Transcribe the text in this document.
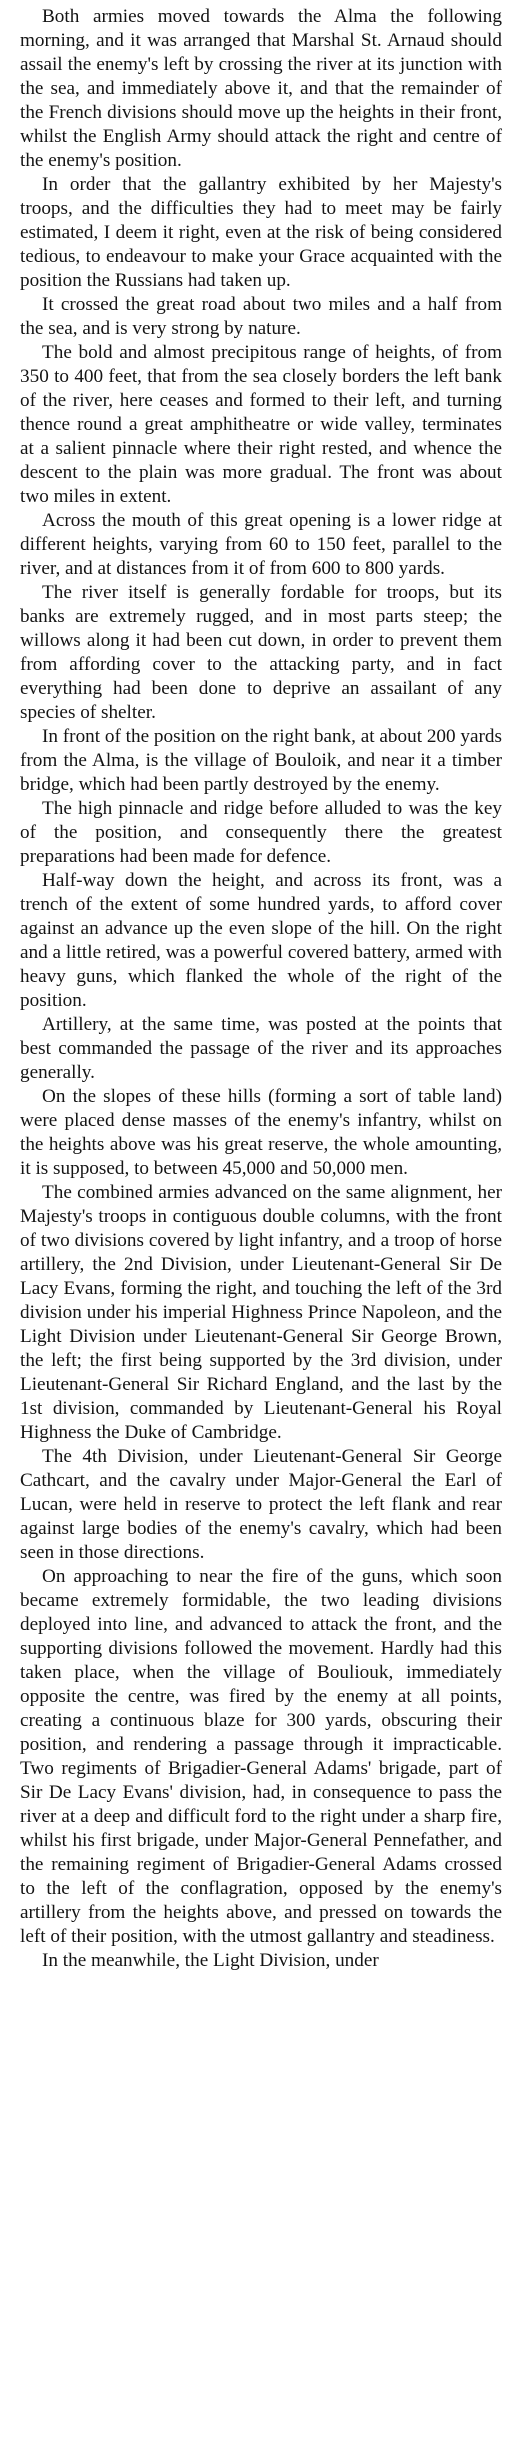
Both armies moved towards the Alma the following morning, and it was arranged that Marshal St. Arnaud should assail the enemy's left by crossing the river at its junction with the sea, and immediately above it, and that the remainder of the French divisions should move up the heights in their front, whilst the English Army should attack the right and centre of the enemy's position.

In order that the gallantry exhibited by her Majesty's troops, and the difficulties they had to meet may be fairly estimated, I deem it right, even at the risk of being considered tedious, to endeavour to make your Grace acquainted with the position the Russians had taken up.

It crossed the great road about two miles and a half from the sea, and is very strong by nature.

The bold and almost precipitous range of heights, of from 350 to 400 feet, that from the sea closely borders the left bank of the river, here ceases and formed to their left, and turning thence round a great amphitheatre or wide valley, terminates at a salient pinnacle where their right rested, and whence the descent to the plain was more gradual. The front was about two miles in extent.

Across the mouth of this great opening is a lower ridge at different heights, varying from 60 to 150 feet, parallel to the river, and at distances from it of from 600 to 800 yards.

The river itself is generally fordable for troops, but its banks are extremely rugged, and in most parts steep; the willows along it had been cut down, in order to prevent them from affording cover to the attacking party, and in fact everything had been done to deprive an assailant of any species of shelter.

In front of the position on the right bank, at about 200 yards from the Alma, is the village of Bouloik, and near it a timber bridge, which had been partly destroyed by the enemy.

The high pinnacle and ridge before alluded to was the key of the position, and consequently there the greatest preparations had been made for defence.

Half-way down the height, and across its front, was a trench of the extent of some hundred yards, to afford cover against an advance up the even slope of the hill. On the right and a little retired, was a powerful covered battery, armed with heavy guns, which flanked the whole of the right of the position.

Artillery, at the same time, was posted at the points that best commanded the passage of the river and its approaches generally.

On the slopes of these hills (forming a sort of table land) were placed dense masses of the enemy's infantry, whilst on the heights above was his great reserve, the whole amounting, it is supposed, to between 45,000 and 50,000 men.

The combined armies advanced on the same alignment, her Majesty's troops in contiguous double columns, with the front of two divisions covered by light infantry, and a troop of horse artillery, the 2nd Division, under Lieutenant-General Sir De Lacy Evans, forming the right, and touching the left of the 3rd division under his imperial Highness Prince Napoleon, and the Light Division under Lieutenant-General Sir George Brown, the left; the first being supported by the 3rd division, under Lieutenant-General Sir Richard England, and the last by the 1st division, commanded by Lieutenant-General his Royal Highness the Duke of Cambridge.

The 4th Division, under Lieutenant-General Sir George Cathcart, and the cavalry under Major-General the Earl of Lucan, were held in reserve to protect the left flank and rear against large bodies of the enemy's cavalry, which had been seen in those directions.

On approaching to near the fire of the guns, which soon became extremely formidable, the two leading divisions deployed into line, and advanced to attack the front, and the supporting divisions followed the movement. Hardly had this taken place, when the village of Bouliouk, immediately opposite the centre, was fired by the enemy at all points, creating a continuous blaze for 300 yards, obscuring their position, and rendering a passage through it impracticable. Two regiments of Brigadier-General Adams' brigade, part of Sir De Lacy Evans' division, had, in consequence to pass the river at a deep and difficult ford to the right under a sharp fire, whilst his first brigade, under Major-General Pennefather, and the remaining regiment of Brigadier-General Adams crossed to the left of the conflagration, opposed by the enemy's artillery from the heights above, and pressed on towards the left of their position, with the utmost gallantry and steadiness.

In the meanwhile, the Light Division, under
